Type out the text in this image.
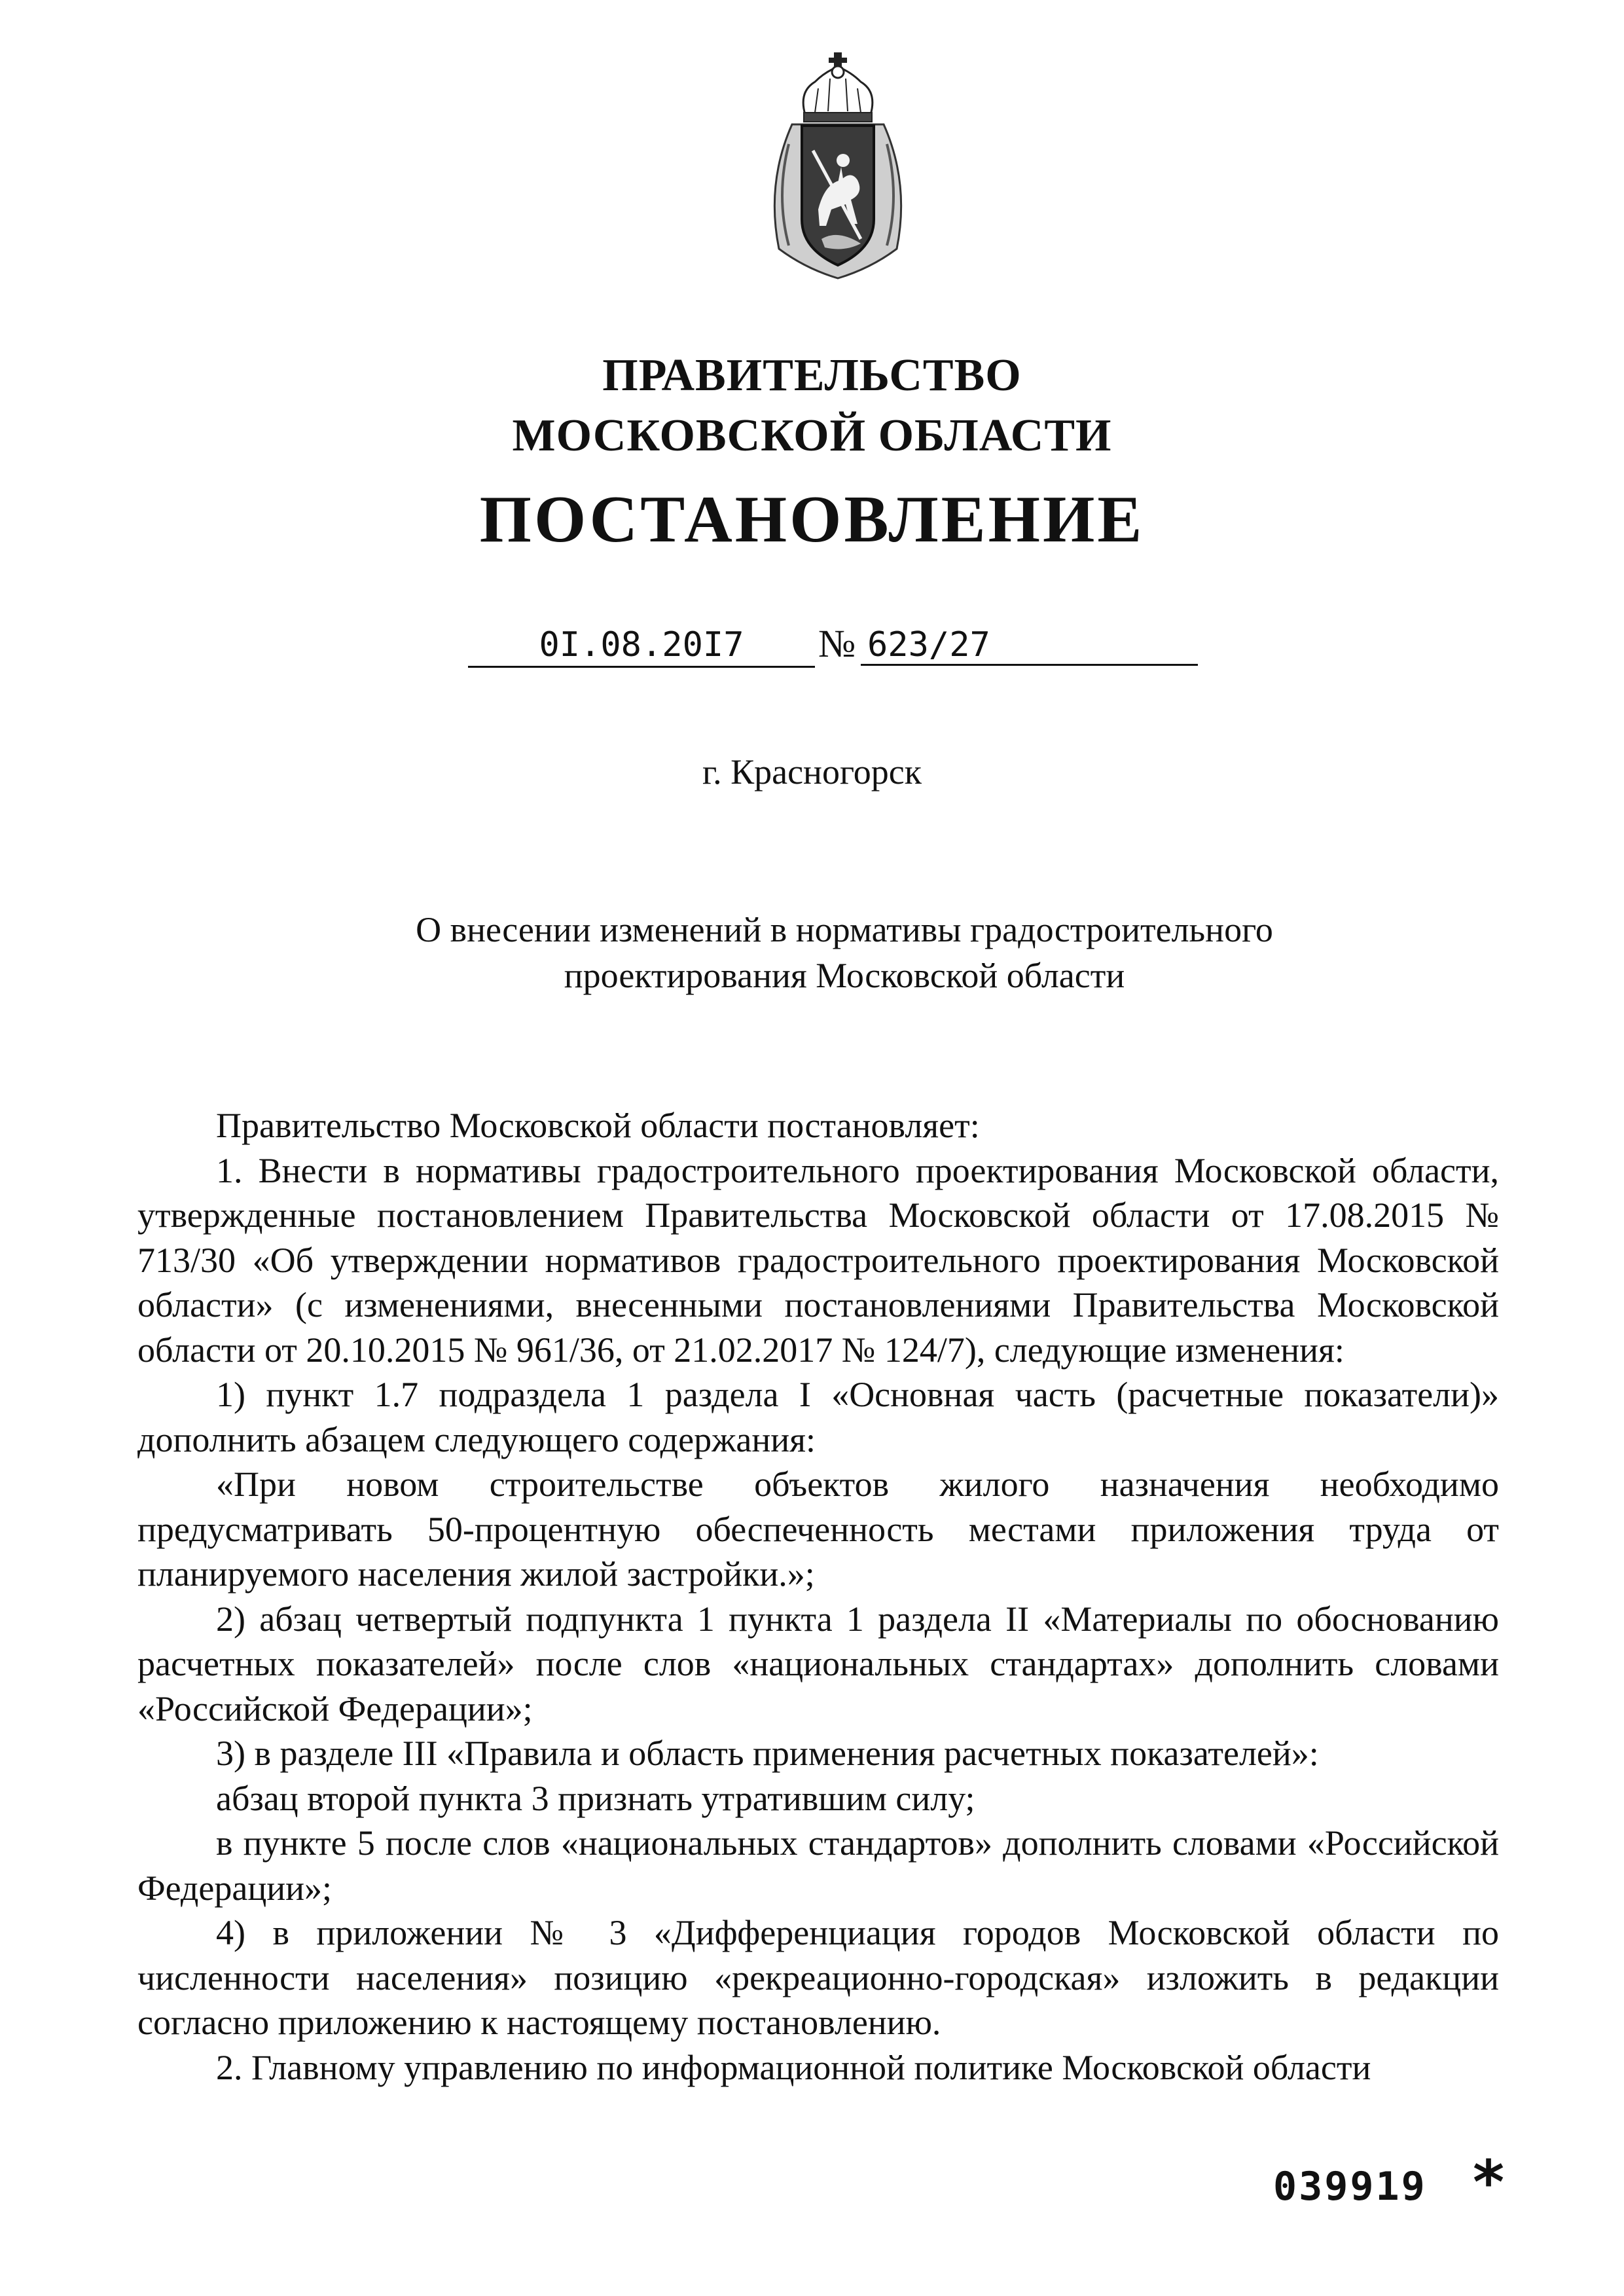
ПРАВИТЕЛЬСТВО
МОСКОВСКОЙ ОБЛАСТИ
ПОСТАНОВЛЕНИЕ
0I.08.20I7	№ 623/27
г. Красногорск
О внесении изменений в нормативы градостроительного
проектирования Московской области

Правительство Московской области постановляет:

1. Внести в нормативы градостроительного проектирования Московской области, утвержденные постановлением Правительства Московской области от 17.08.2015 № 713/30 «Об утверждении нормативов градостроительного проектирования Московской области» (с изменениями, внесенными постановлениями Правительства Московской области от 20.10.2015 № 961/36, от 21.02.2017 № 124/7), следующие изменения:

1) пункт 1.7 подраздела 1 раздела I «Основная часть (расчетные показатели)» дополнить абзацем следующего содержания:

«При новом строительстве объектов жилого назначения необходимо предусматривать 50-процентную обеспеченность местами приложения труда от планируемого населения жилой застройки.»;

2) абзац четвертый подпункта 1 пункта 1 раздела II «Материалы по обоснованию расчетных показателей» после слов «национальных стандартах» дополнить словами «Российской Федерации»;

3) в разделе III «Правила и область применения расчетных показателей»:

абзац второй пункта 3 признать утратившим силу;

в пункте 5 после слов «национальных стандартов» дополнить словами «Российской Федерации»;

4) в приложении № 3 «Дифференциация городов Московской области по численности населения» позицию «рекреационно-городская» изложить в редакции согласно приложению к настоящему постановлению.

2. Главному управлению по информационной политике Московской области

039919 *
